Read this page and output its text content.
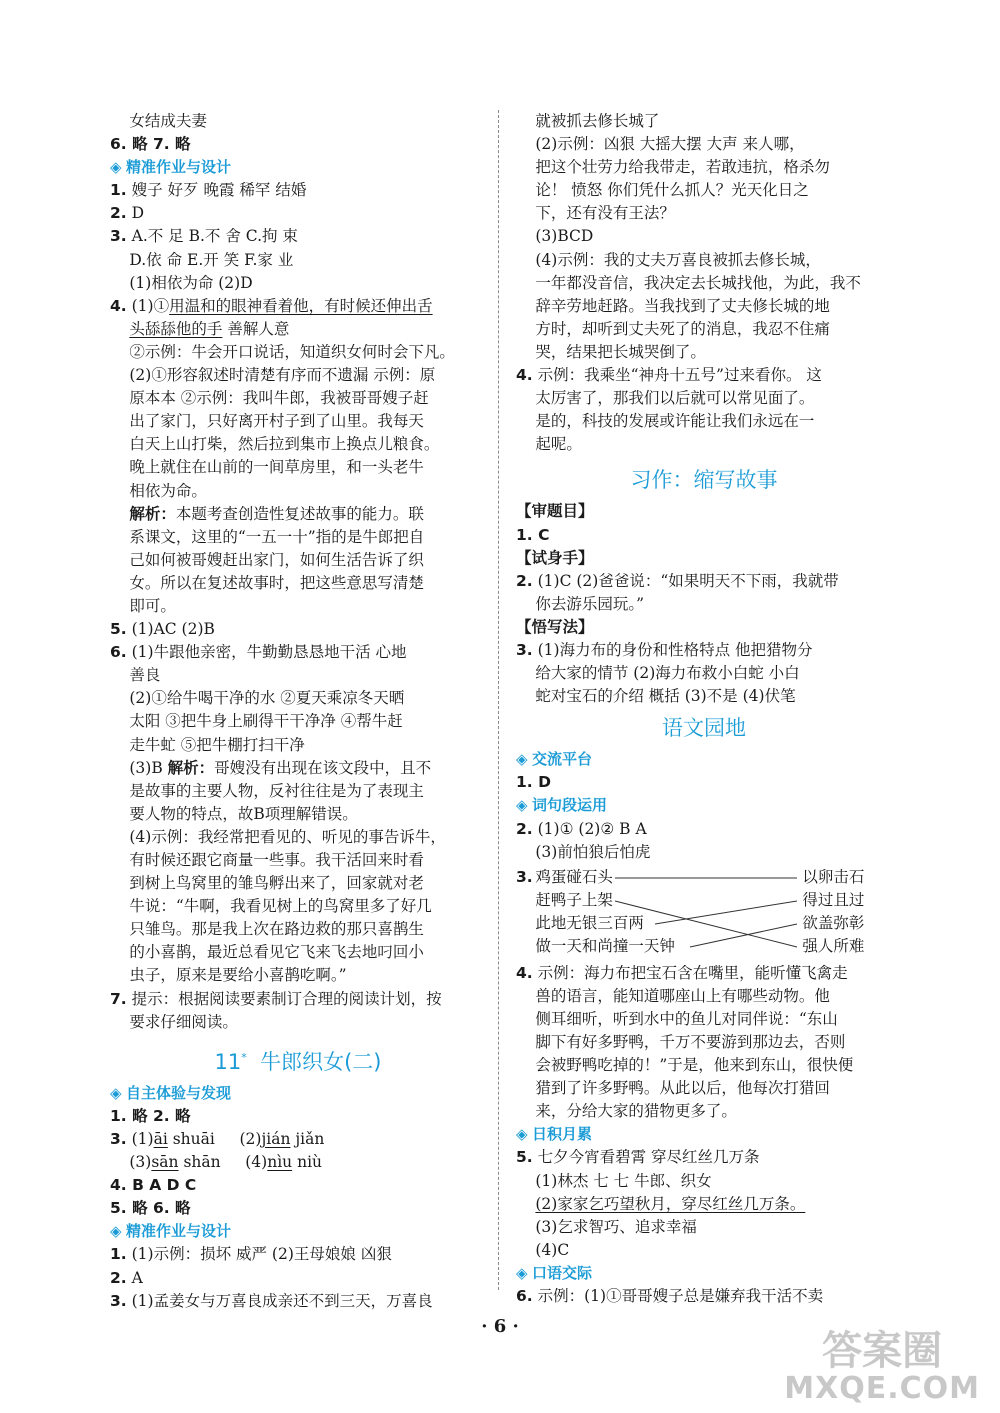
女结成夫妻
6. 略 7. 略
◈ 精准作业与设计
1. 嫂子 好歹 晚霞 稀罕 结婚
2. D
3. A.不 足 B.不 舍 C.拘 束
D.依 命 E.开 笑 F.家 业
(1)相依为命 (2)D
4. (1)①用温和的眼神看着他，有时候还伸出舌
头舔舔他的手 善解人意
②示例：牛会开口说话，知道织女何时会下凡。
(2)①形容叙述时清楚有序而不遗漏 示例：原
原本本 ②示例：我叫牛郎，我被哥哥嫂子赶
出了家门，只好离开村子到了山里。我每天
白天上山打柴，然后拉到集市上换点儿粮食。
晚上就住在山前的一间草房里，和一头老牛
相依为命。
解析：本题考查创造性复述故事的能力。联
系课文，这里的“一五一十”指的是牛郎把自
己如何被哥嫂赶出家门，如何生活告诉了织
女。所以在复述故事时，把这些意思写清楚
即可。
5. (1)AC (2)B
6. (1)牛跟他亲密，牛勤勤恳恳地干活 心地
善良
(2)①给牛喝干净的水 ②夏天乘凉冬天晒
太阳 ③把牛身上刷得干干净净 ④帮牛赶
走牛虻 ⑤把牛棚打扫干净
(3)B 解析：哥嫂没有出现在该文段中，且不
是故事的主要人物，反衬往往是为了表现主
要人物的特点，故B项理解错误。
(4)示例：我经常把看见的、听见的事告诉牛，
有时候还跟它商量一些事。我干活回来时看
到树上鸟窝里的雏鸟孵出来了，回家就对老
牛说：“牛啊，我看见树上的鸟窝里多了好几
只雏鸟。那是我上次在路边救的那只喜鹊生
的小喜鹊，最近总看见它飞来飞去地叼回小
虫子，原来是要给小喜鹊吃啊。”
7. 提示：根据阅读要素制订合理的阅读计划，按
要求仔细阅读。
11* 牛郎织女(二)
◈ 自主体验与发现
1. 略 2. 略
3. (1)āi shuāi     (2)jián jiǎn
(3)sān shān     (4)nìu niù
4. B A D C
5. 略 6. 略
◈ 精准作业与设计
1. (1)示例：损坏 威严 (2)王母娘娘 凶狠
2. A
3. (1)孟姜女与万喜良成亲还不到三天，万喜良
就被抓去修长城了
(2)示例：凶狠 大摇大摆 大声 来人哪，
把这个壮劳力给我带走，若敢违抗，格杀勿
论！ 愤怒 你们凭什么抓人？光天化日之
下，还有没有王法？
(3)BCD
(4)示例：我的丈夫万喜良被抓去修长城，
一年都没音信，我决定去长城找他，为此，我不
辞辛劳地赶路。当我找到了丈夫修长城的地
方时，却听到丈夫死了的消息，我忍不住痛
哭，结果把长城哭倒了。
4. 示例：我乘坐“神舟十五号”过来看你。 这
太厉害了，那我们以后就可以常见面了。
是的，科技的发展或许能让我们永远在一
起呢。
习作：缩写故事
【审题目】
1. C
【试身手】
2. (1)C (2)爸爸说：“如果明天不下雨，我就带
你去游乐园玩。”
【悟写法】
3. (1)海力布的身份和性格特点 他把猎物分
给大家的情节 (2)海力布救小白蛇 小白
蛇对宝石的介绍 概括 (3)不是 (4)伏笔
语文园地
◈ 交流平台
1. D
◈ 词句段运用
2. (1)① (2)② B A
(3)前怕狼后怕虎
3. 鸡蛋碰石头
赶鸭子上架
此地无银三百两
做一天和尚撞一天钟
以卵击石
得过且过
欲盖弥彰
强人所难
4. 示例：海力布把宝石含在嘴里，能听懂飞禽走
兽的语言，能知道哪座山上有哪些动物。他
侧耳细听，听到水中的鱼儿对同伴说：“东山
脚下有好多野鸭，千万不要游到那边去，否则
会被野鸭吃掉的！”于是，他来到东山，很快便
猎到了许多野鸭。从此以后，他每次打猎回
来，分给大家的猎物更多了。
◈ 日积月累
5. 七夕今宵看碧霄 穿尽红丝几万条
(1)林杰 七 七 牛郎、织女
(2)家家乞巧望秋月，穿尽红丝几万条。
(3)乞求智巧、追求幸福
(4)C
◈ 口语交际
6. 示例：(1)①哥哥嫂子总是嫌弃我干活不卖
· 6 ·
答案圈
MXQE.COM
